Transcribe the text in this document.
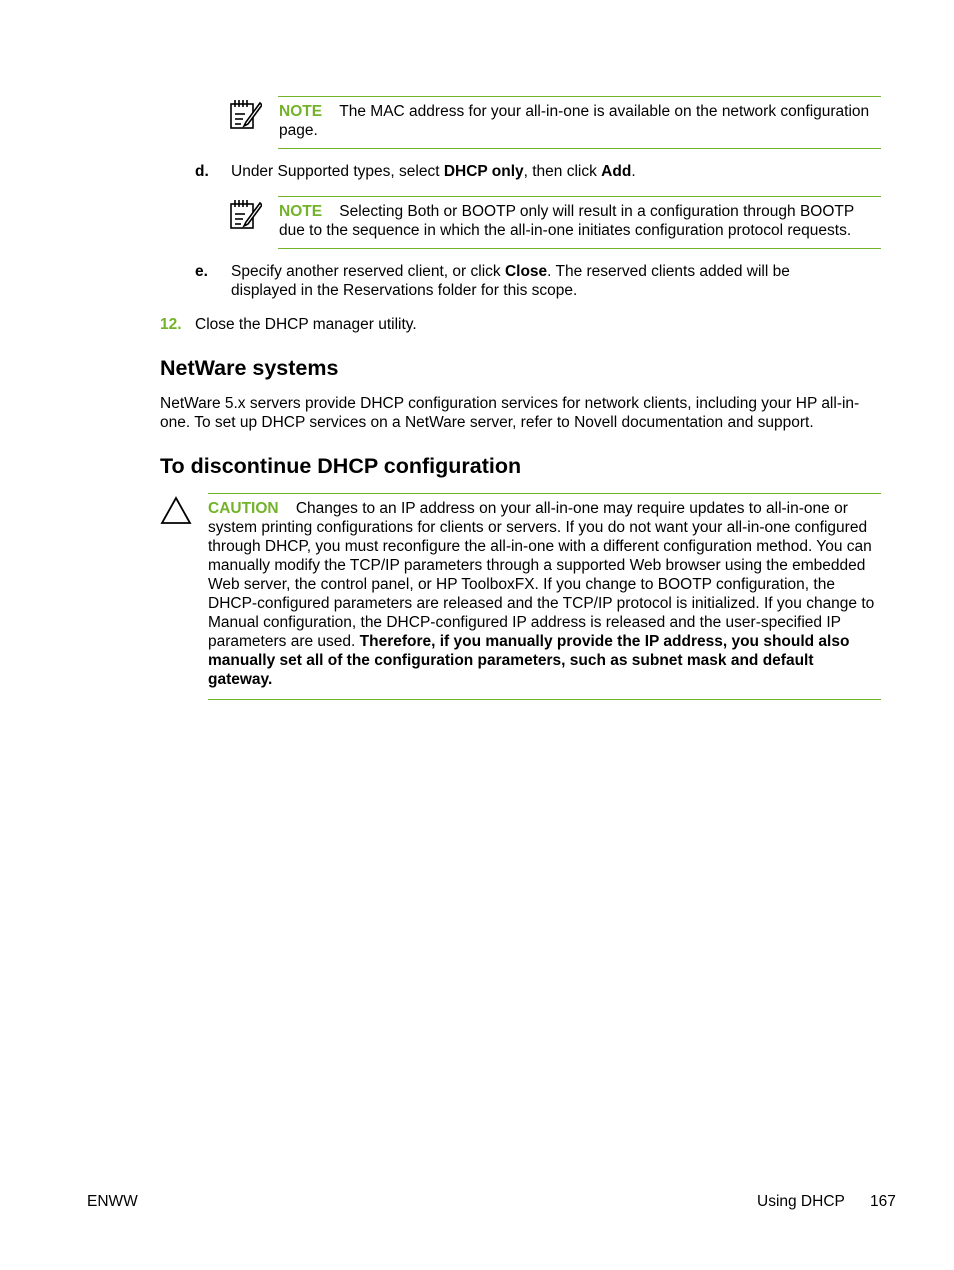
NOTE The MAC address for your all-in-one is available on the network configuration page.
d. Under Supported types, select DHCP only, then click Add.
NOTE Selecting Both or BOOTP only will result in a configuration through BOOTP due to the sequence in which the all-in-one initiates configuration protocol requests.
e. Specify another reserved client, or click Close. The reserved clients added will be displayed in the Reservations folder for this scope.
12. Close the DHCP manager utility.
NetWare systems
NetWare 5.x servers provide DHCP configuration services for network clients, including your HP all-in-one. To set up DHCP services on a NetWare server, refer to Novell documentation and support.
To discontinue DHCP configuration
CAUTION Changes to an IP address on your all-in-one may require updates to all-in-one or system printing configurations for clients or servers. If you do not want your all-in-one configured through DHCP, you must reconfigure the all-in-one with a different configuration method. You can manually modify the TCP/IP parameters through a supported Web browser using the embedded Web server, the control panel, or HP ToolboxFX. If you change to BOOTP configuration, the DHCP-configured parameters are released and the TCP/IP protocol is initialized. If you change to Manual configuration, the DHCP-configured IP address is released and the user-specified IP parameters are used. Therefore, if you manually provide the IP address, you should also manually set all of the configuration parameters, such as subnet mask and default gateway.
ENWW	Using DHCP 167
